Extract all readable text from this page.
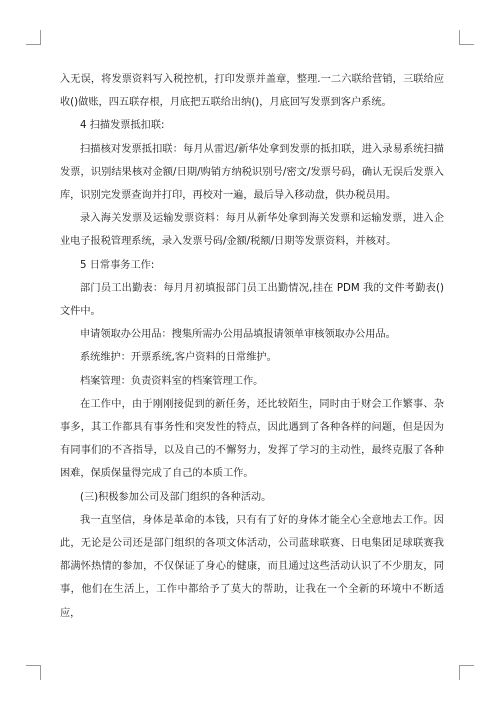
入无误，将发票资料写入税控机，打印发票并盖章，整理.一二六联给营销，三联给应收()做账，四五联存根，月底把五联给出纳()，月底回写发票到客户系统。

4 扫描发票抵扣联:

扫描核对发票抵扣联：每月从雷迟/新华处拿到发票的抵扣联，进入录易系统扫描发票，识别结果核对金额/日期/购销方纳税识别号/密文/发票号码，确认无误后发票入库，识别完发票查询并打印，再校对一遍，最后导入移动盘，供办税员用。

录入海关发票及运输发票资料：每月从新华处拿到海关发票和运输发票，进入企业电子报税管理系统，录入发票号码/金额/税额/日期等发票资料，并核对。

5 日常事务工作:

部门员工出勤表：每月月初填报部门员工出勤情况,挂在 PDM 我的文件考勤表()文件中。

申请领取办公用品：搜集所需办公用品填报请领单审核领取办公用品。

系统维护：开票系统,客户资料的日常维护。

档案管理：负责资料室的档案管理工作。

在工作中，由于刚刚接促到的新任务，还比较陌生，同时由于财会工作繁事、杂事多，其工作都具有事务性和突发性的特点，因此遇到了各种各样的问题，但是因为有同事们的不吝指导，以及自己的不懈努力，发挥了学习的主动性，最终克服了各种困难，保质保量得完成了自己的本质工作。

(三)积极参加公司及部门组织的各种活动。

我一直坚信，身体是革命的本钱，只有有了好的身体才能全心全意地去工作。因此，无论是公司还是部门组织的各项文体活动，公司蓝球联赛、日电集团足球联赛我都满怀热情的参加，不仅保证了身心的健康，而且通过这些活动认识了不少朋友，同事，他们在生活上，工作中都给予了莫大的帮助，让我在一个全新的环境中不断适应，
